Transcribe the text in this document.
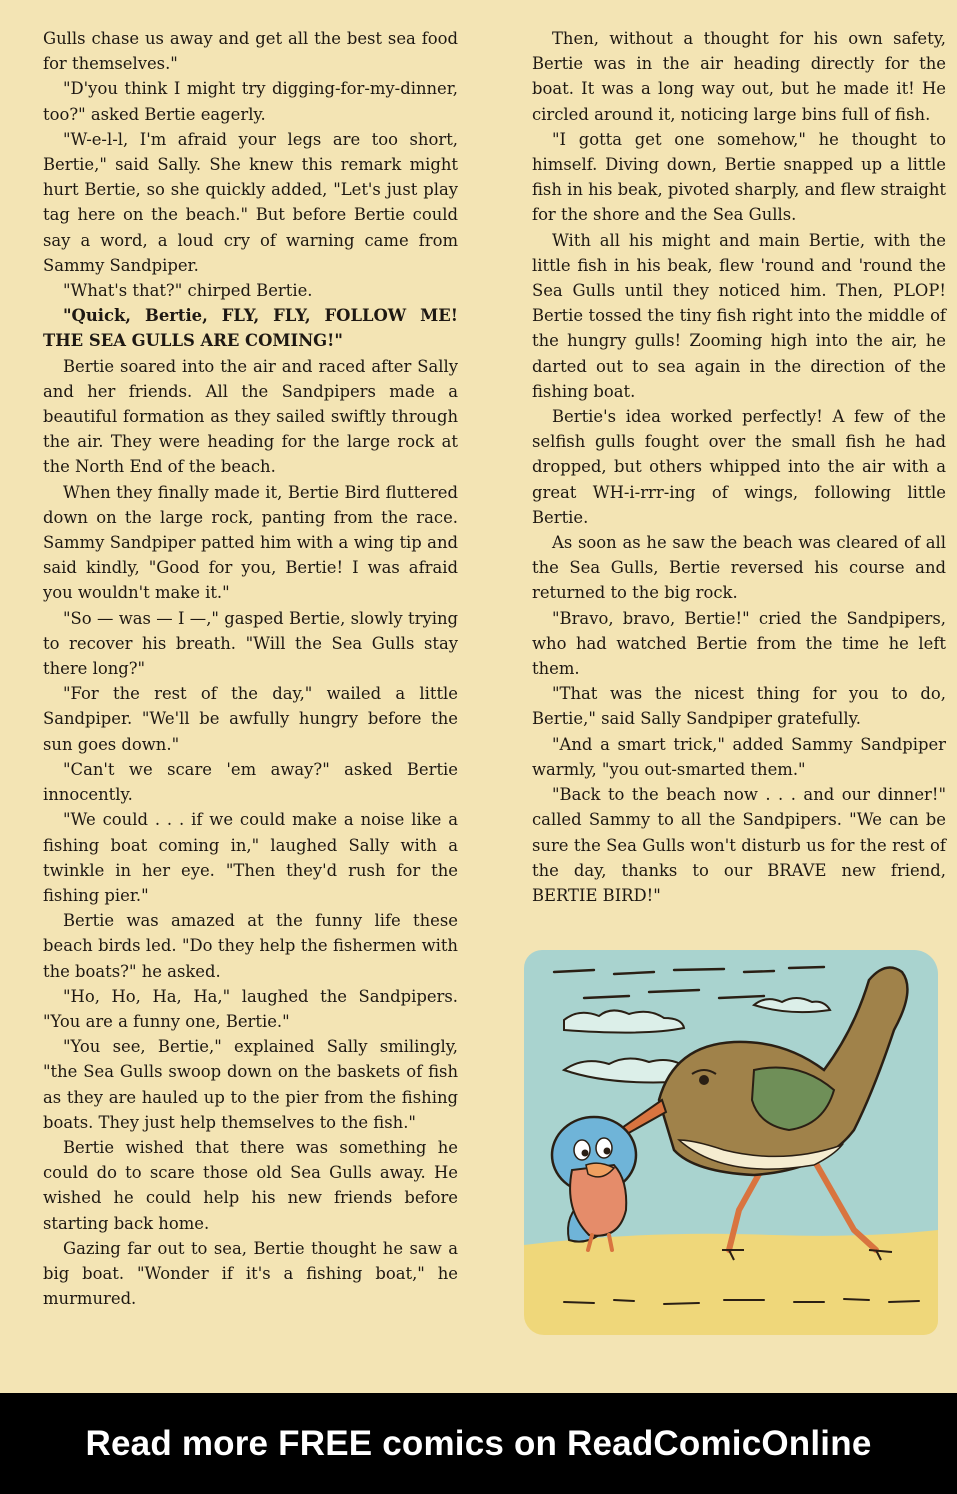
Gulls chase us away and get all the best sea food for themselves."

"D'you think I might try digging-for-my-dinner, too?" asked Bertie eagerly.

"W-e-l-l, I'm afraid your legs are too short, Bertie," said Sally. She knew this remark might hurt Bertie, so she quickly added, "Let's just play tag here on the beach." But before Bertie could say a word, a loud cry of warning came from Sammy Sandpiper.

"What's that?" chirped Bertie.

"Quick, Bertie, FLY, FLY, FOLLOW ME! THE SEA GULLS ARE COMING!"

Bertie soared into the air and raced after Sally and her friends. All the Sandpipers made a beautiful formation as they sailed swiftly through the air. They were heading for the large rock at the North End of the beach.

When they finally made it, Bertie Bird fluttered down on the large rock, panting from the race. Sammy Sandpiper patted him with a wing tip and said kindly, "Good for you, Bertie! I was afraid you wouldn't make it."

"So — was — I —," gasped Bertie, slowly trying to recover his breath. "Will the Sea Gulls stay there long?"

"For the rest of the day," wailed a little Sandpiper. "We'll be awfully hungry before the sun goes down."

"Can't we scare 'em away?" asked Bertie innocently.

"We could . . . if we could make a noise like a fishing boat coming in," laughed Sally with a twinkle in her eye. "Then they'd rush for the fishing pier."

Bertie was amazed at the funny life these beach birds led. "Do they help the fishermen with the boats?" he asked.

"Ho, Ho, Ha, Ha," laughed the Sandpipers. "You are a funny one, Bertie."

"You see, Bertie," explained Sally smilingly, "the Sea Gulls swoop down on the baskets of fish as they are hauled up to the pier from the fishing boats. They just help themselves to the fish."

Bertie wished that there was something he could do to scare those old Sea Gulls away. He wished he could help his new friends before starting back home.

Gazing far out to sea, Bertie thought he saw a big boat. "Wonder if it's a fishing boat," he murmured.

Then, without a thought for his own safety, Bertie was in the air heading directly for the boat. It was a long way out, but he made it! He circled around it, noticing large bins full of fish.

"I gotta get one somehow," he thought to himself. Diving down, Bertie snapped up a little fish in his beak, pivoted sharply, and flew straight for the shore and the Sea Gulls.

With all his might and main Bertie, with the little fish in his beak, flew 'round and 'round the Sea Gulls until they noticed him. Then, PLOP! Bertie tossed the tiny fish right into the middle of the hungry gulls! Zooming high into the air, he darted out to sea again in the direction of the fishing boat.

Bertie's idea worked perfectly! A few of the selfish gulls fought over the small fish he had dropped, but others whipped into the air with a great WH-i-rrr-ing of wings, following little Bertie.

As soon as he saw the beach was cleared of all the Sea Gulls, Bertie reversed his course and returned to the big rock.

"Bravo, bravo, Bertie!" cried the Sandpipers, who had watched Bertie from the time he left them.

"That was the nicest thing for you to do, Bertie," said Sally Sandpiper gratefully.

"And a smart trick," added Sammy Sandpiper warmly, "you out-smarted them."

"Back to the beach now . . . and our dinner!" called Sammy to all the Sandpipers. "We can be sure the Sea Gulls won't disturb us for the rest of the day, thanks to our BRAVE new friend, BERTIE BIRD!"

Read more FREE comics on ReadComicOnline
